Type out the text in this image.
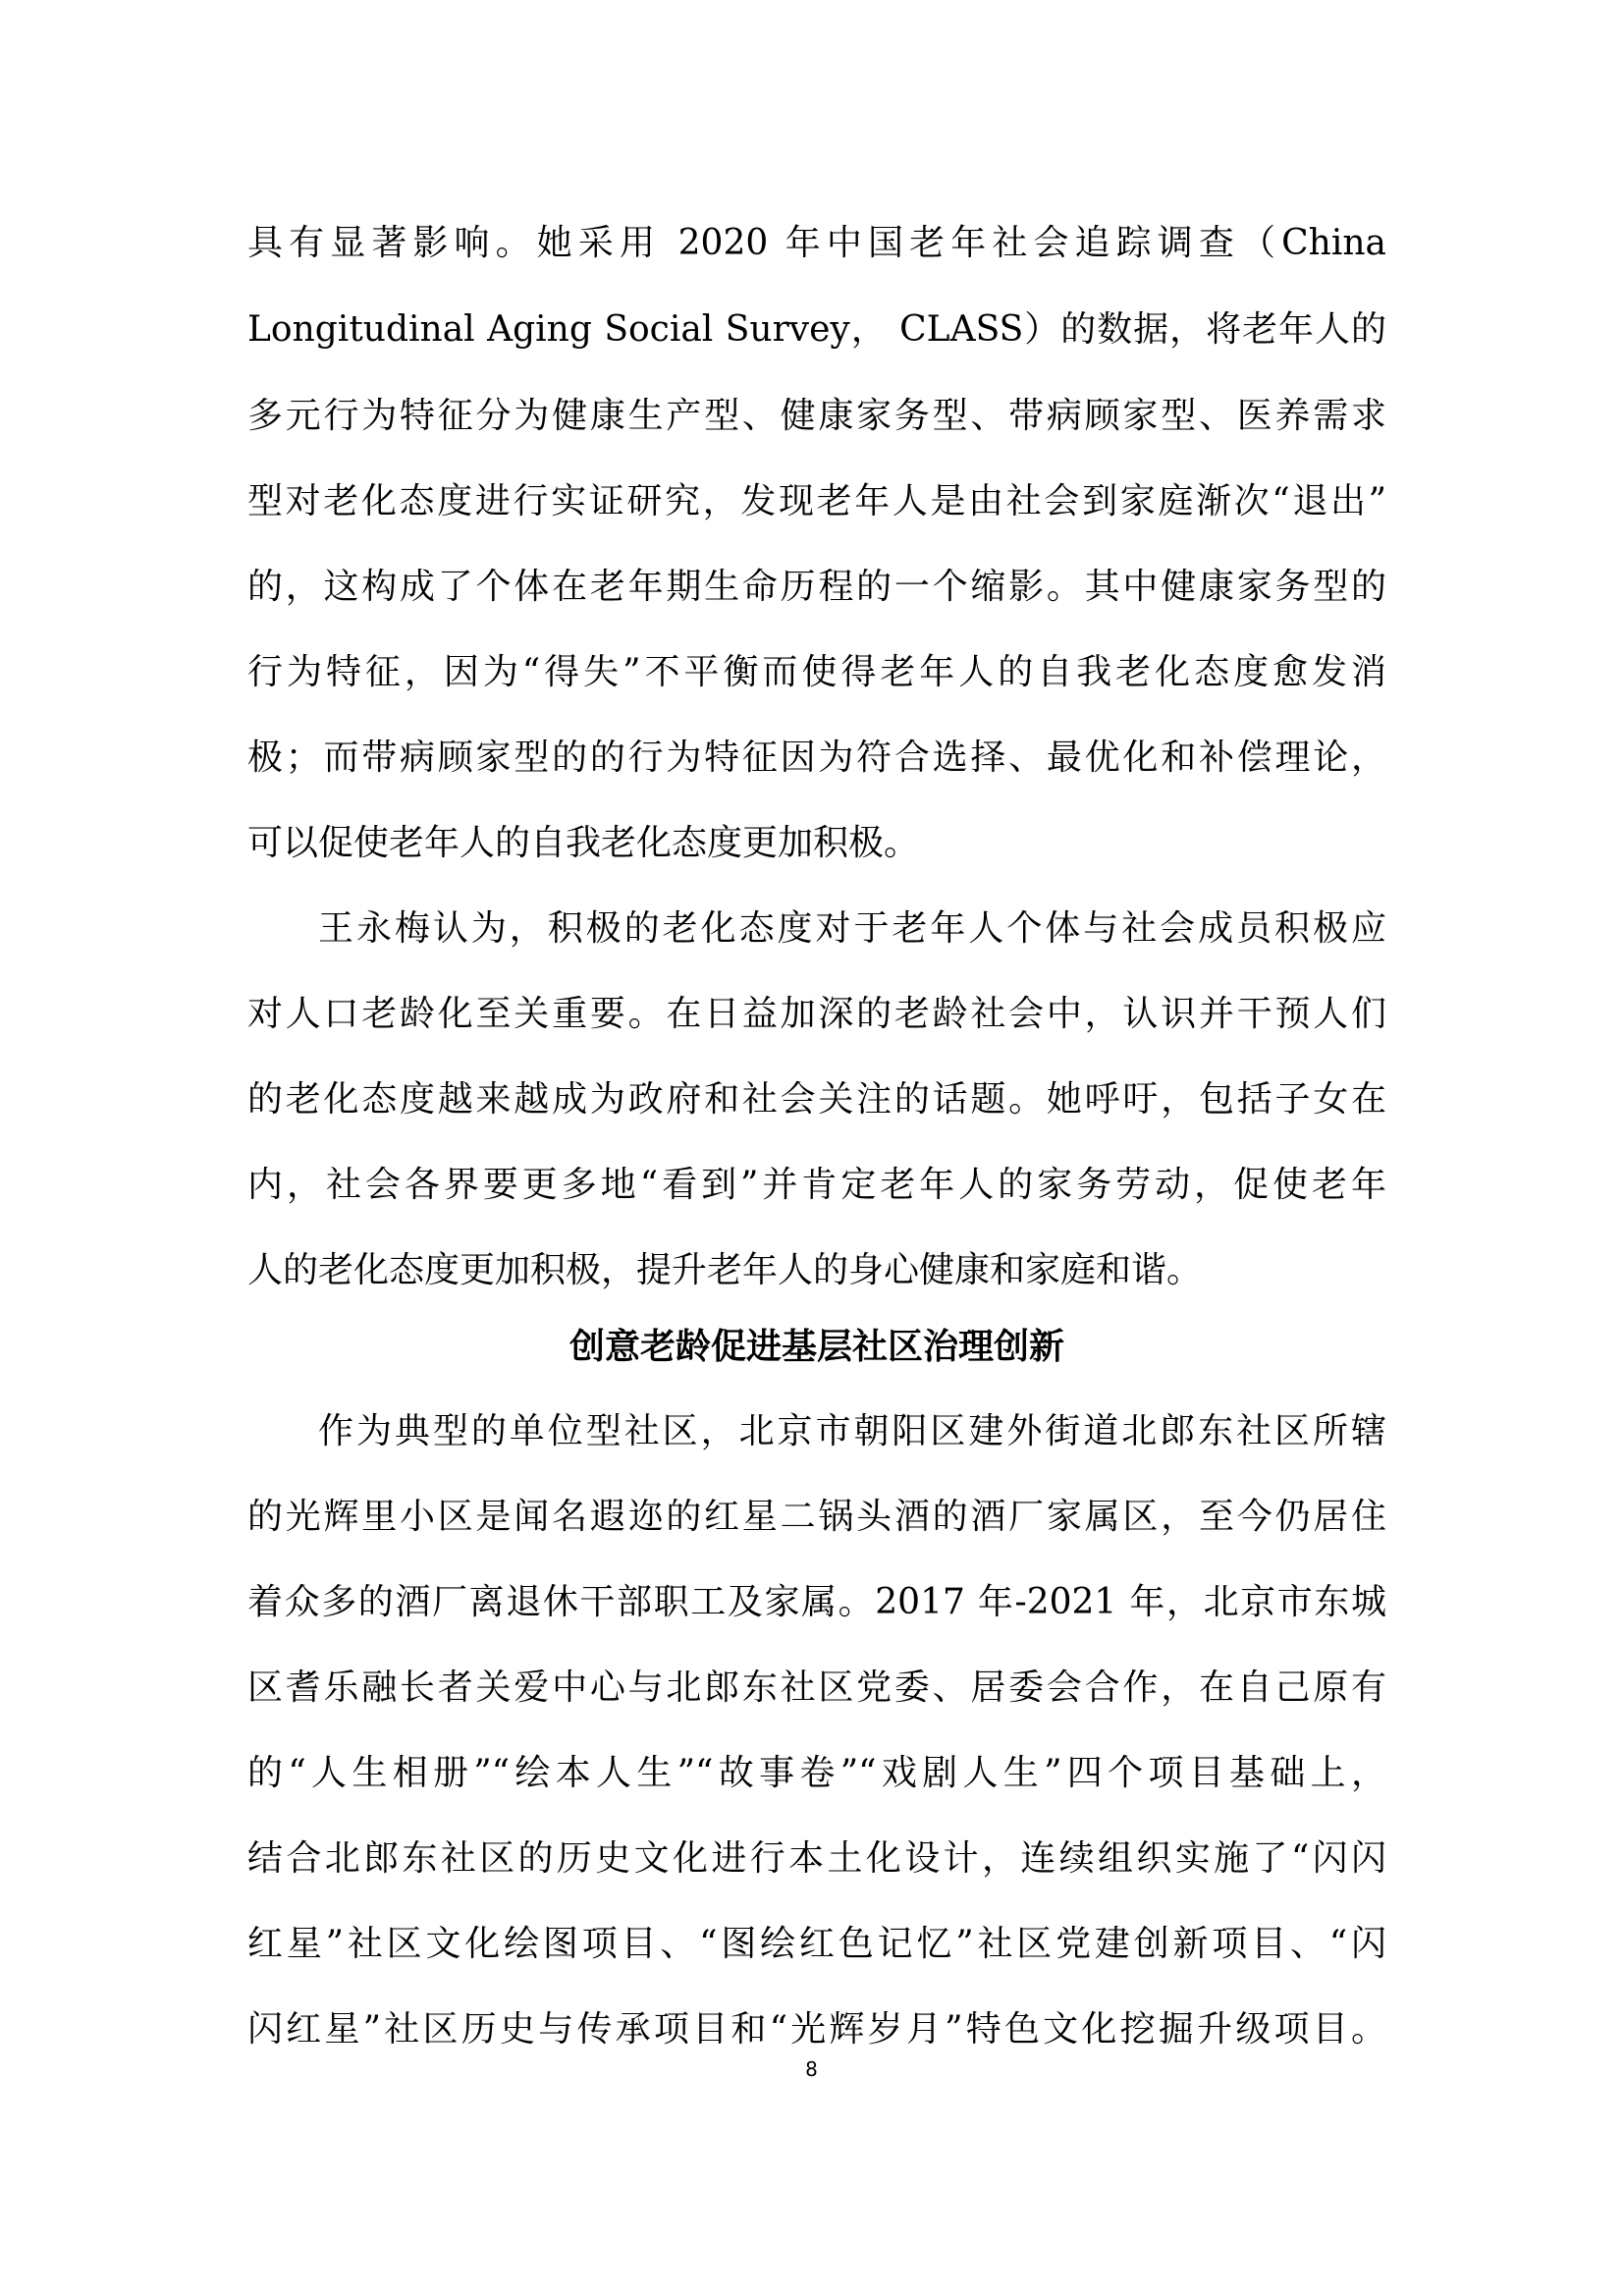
具有显著影响。她采用 2020 年中国老年社会追踪调查（China
Longitudinal Aging Social Survey， CLASS）的数据，将老年人的
多元行为特征分为健康生产型、健康家务型、带病顾家型、医养需求
型对老化态度进行实证研究，发现老年人是由社会到家庭渐次“退出”
的，这构成了个体在老年期生命历程的一个缩影。其中健康家务型的
行为特征，因为“得失”不平衡而使得老年人的自我老化态度愈发消
极；而带病顾家型的的行为特征因为符合选择、最优化和补偿理论，
可以促使老年人的自我老化态度更加积极。
王永梅认为，积极的老化态度对于老年人个体与社会成员积极应
对人口老龄化至关重要。在日益加深的老龄社会中，认识并干预人们
的老化态度越来越成为政府和社会关注的话题。她呼吁，包括子女在
内，社会各界要更多地“看到”并肯定老年人的家务劳动，促使老年
人的老化态度更加积极，提升老年人的身心健康和家庭和谐。
创意老龄促进基层社区治理创新
作为典型的单位型社区，北京市朝阳区建外街道北郎东社区所辖
的光辉里小区是闻名遐迩的红星二锅头酒的酒厂家属区，至今仍居住
着众多的酒厂离退休干部职工及家属。2017 年-2021 年，北京市东城
区耆乐融长者关爱中心与北郎东社区党委、居委会合作，在自己原有
的“人生相册”“绘本人生”“故事卷”“戏剧人生”四个项目基础上，
结合北郎东社区的历史文化进行本土化设计，连续组织实施了“闪闪
红星”社区文化绘图项目、“图绘红色记忆”社区党建创新项目、“闪
闪红星”社区历史与传承项目和“光辉岁月”特色文化挖掘升级项目。
8
